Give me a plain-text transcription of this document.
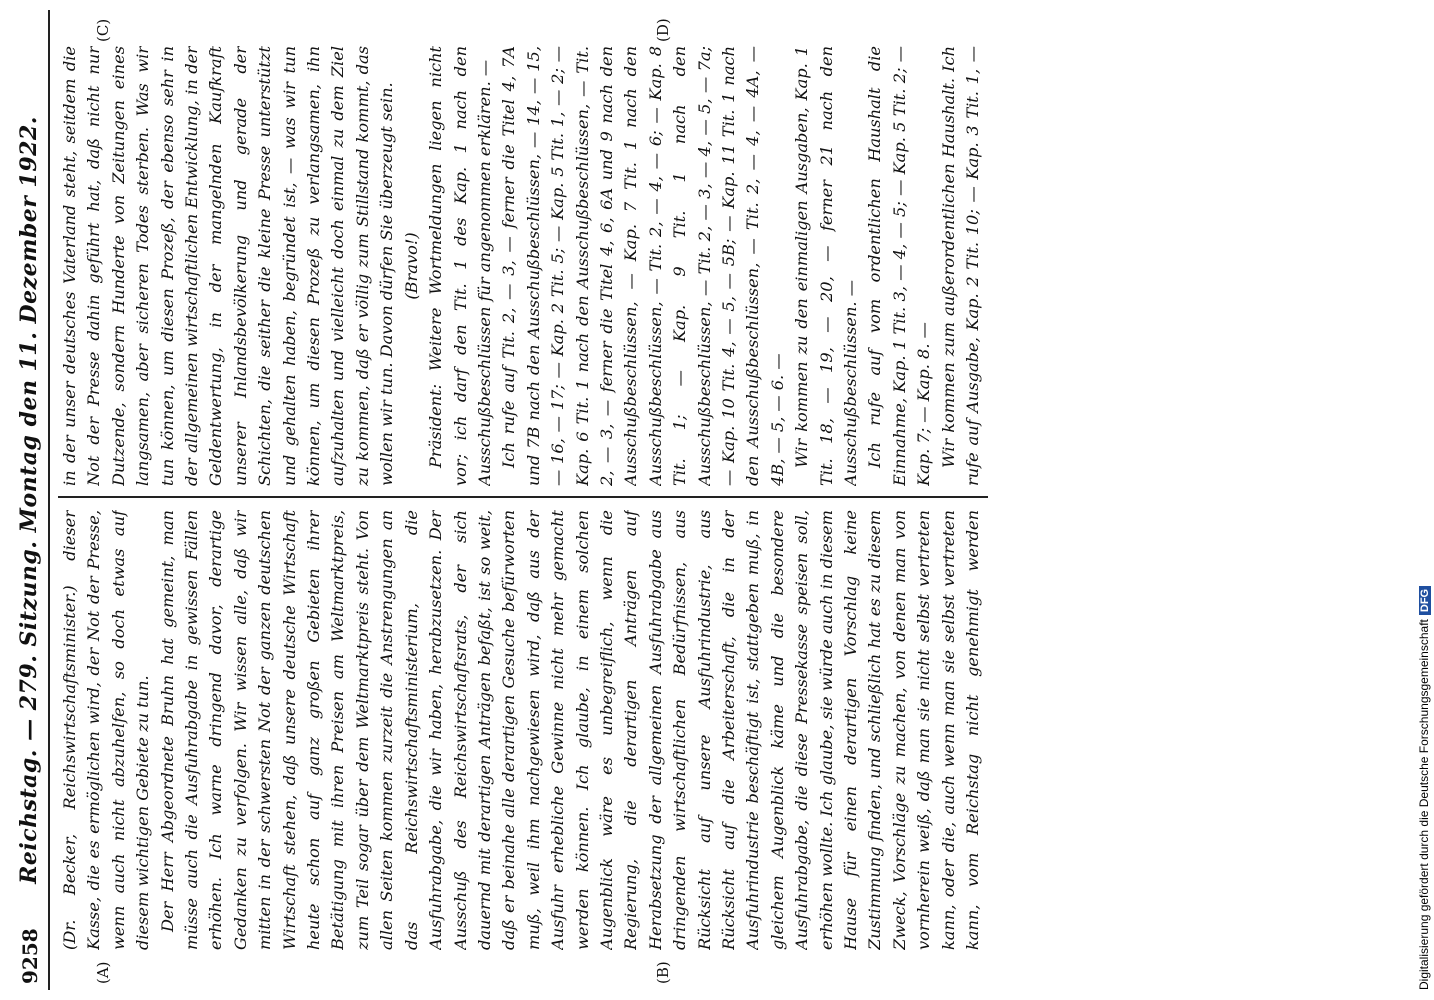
9258
Reichstag. — 279. Sitzung. Montag den 11. Dezember 1922.
(A)	(B)
(C)	(D)

(Dr. Becker, Reichswirtschaftsminister.) dieser Kasse, die es ermöglichen wird, der Not der Presse, wenn auch nicht abzuhelfen, so doch etwas auf diesem wichtigen Gebiete zu tun. Der Herr Abgeordnete Bruhn hat gemeint, man müsse auch die Ausfuhrabgabe in gewissen Fällen erhöhen. Ich warne dringend davor, derartige Gedanken zu verfolgen. Wir wissen alle, daß wir mitten in der schwersten Not der ganzen deutschen Wirtschaft stehen, daß unsere deutsche Wirtschaft heute schon auf ganz großen Gebieten ihrer Betätigung mit ihren Preisen am Weltmarktpreis, zum Teil sogar über dem Weltmarktpreis steht. Von allen Seiten kommen zurzeit die Anstrengungen an das Reichswirtschaftsministerium, die Ausfuhrabgabe, die wir haben, herabzusetzen. Der Ausschuß des Reichswirtschaftsrats, der sich dauernd mit derartigen Anträgen befaßt, ist so weit, daß er beinahe alle derartigen Gesuche befürworten muß, weil ihm nachgewiesen wird, daß aus der Ausfuhr erhebliche Gewinne nicht mehr gemacht werden können. Ich glaube, in einem solchen Augenblick wäre es unbegreiflich, wenn die Regierung, die derartigen Anträgen auf Herabsetzung der allgemeinen Ausfuhrabgabe aus dringenden wirtschaftlichen Bedürfnissen, aus Rücksicht auf unsere Ausfuhrindustrie, aus Rücksicht auf die Arbeiterschaft, die in der Ausfuhrindustrie beschäftigt ist, stattgeben muß, in gleichem Augenblick käme und die besondere Ausfuhrabgabe, die diese Pressekasse speisen soll, erhöhen wollte. Ich glaube, sie würde auch in diesem Hause für einen derartigen Vorschlag keine Zustimmung finden, und schließlich hat es zu diesem Zweck, Vorschläge zu machen, von denen man von vornherein weiß, daß man sie nicht selbst vertreten kann, oder die, auch wenn man sie selbst vertreten kann, vom Reichstag nicht genehmigt werden

in der unser deutsches Vaterland steht, seitdem die Not der Presse dahin geführt hat, daß nicht nur Dutzende, sondern Hunderte von Zeitungen eines langsamen, aber sicheren Todes sterben. Was wir tun können, um diesen Prozeß, der ebenso sehr in der allgemeinen wirtschaftlichen Entwicklung, in der Geldentwertung, in der mangelnden Kaufkraft unserer Inlandsbevölkerung und gerade der Schichten, die seither die kleine Presse unterstützt und gehalten haben, begründet ist, — was wir tun können, um diesen Prozeß zu verlangsamen, ihn aufzuhalten und vielleicht doch einmal zu dem Ziel zu kommen, daß er völlig zum Stillstand kommt, das wollen wir tun. Davon dürfen Sie überzeugt sein. (Bravo!) Präsident: Weitere Wortmeldungen liegen nicht vor; ich darf den Tit. 1 des Kap. 1 nach den Ausschußbeschlüssen für angenommen erklären. — Ich rufe auf Tit. 2, — 3, — ferner die Titel 4, 7A und 7B nach den Ausschußbeschlüssen, — 14, — 15, — 16, — 17; — Kap. 2 Tit. 5; — Kap. 5 Tit. 1, — 2; — Kap. 6 Tit. 1 nach den Ausschußbeschlüssen, — Tit. 2, — 3, — ferner die Titel 4, 6, 6A und 9 nach den Ausschußbeschlüssen, — Kap. 7 Tit. 1 nach den Ausschußbeschlüssen, — Tit. 2, — 4, — 6; — Kap. 8 Tit. 1; — Kap. 9 Tit. 1 nach den Ausschußbeschlüssen, — Tit. 2, — 3, — 4, — 5, — 7a; — Kap. 10 Tit. 4, — 5, — 5B; — Kap. 11 Tit. 1 nach den Ausschußbeschlüssen, — Tit. 2, — 4, — 4A, — 4B, — 5, — 6. — Wir kommen zu den einmaligen Ausgaben, Kap. 1 Tit. 18, — 19, — 20, — ferner 21 nach den Ausschußbeschlüssen. — Ich rufe auf vom ordentlichen Haushalt die Einnahme, Kap. 1 Tit. 3, — 4, — 5; — Kap. 5 Tit. 2; — Kap. 7; — Kap. 8. — Wir kommen zum außerordentlichen Haushalt. Ich rufe auf Ausgabe, Kap. 2 Tit. 10; — Kap. 3 Tit. 1, —

Digitalisierung gefördert durch die Deutsche ForschungsgemeinschaftDFG
